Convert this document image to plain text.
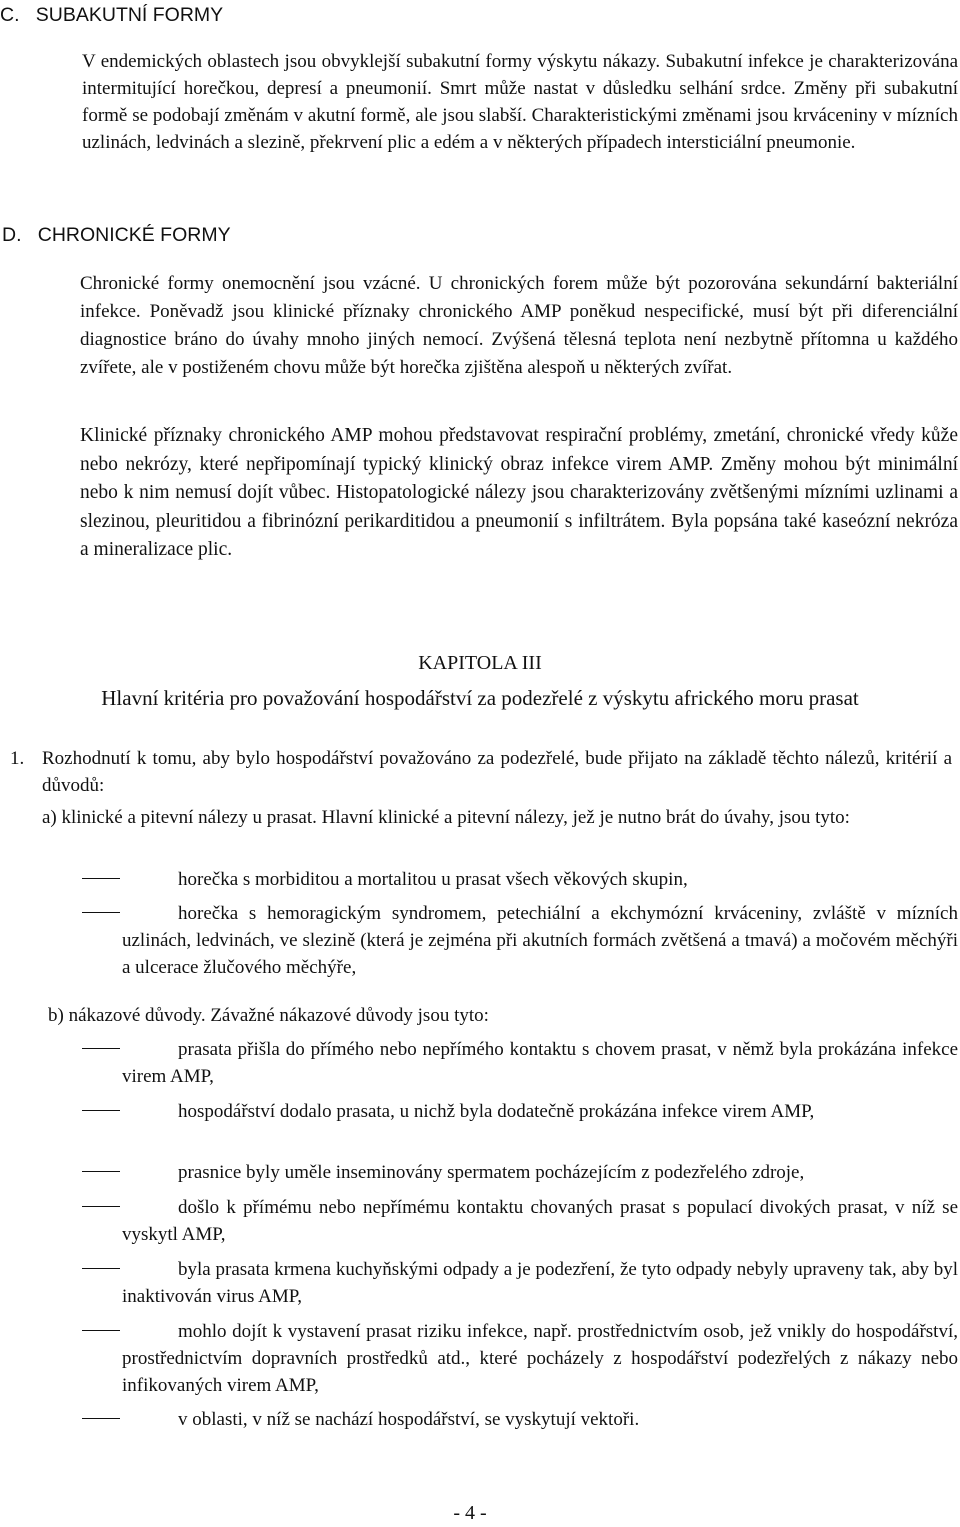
C.   SUBAKUTNÍ FORMY
V endemických oblastech jsou obvyklejší subakutní formy výskytu nákazy. Subakutní infekce je charakterizována intermitující horečkou, depresí a pneumonií. Smrt může nastat v důsledku selhání srdce. Změny při subakutní formě se podobají změnám v akutní formě, ale jsou slabší. Charakteristickými změnami jsou krváceniny v mízních uzlinách, ledvinách a slezině, překrvení plic a edém a v některých případech intersticiální pneumonie.
D.   CHRONICKÉ FORMY
Chronické formy onemocnění jsou vzácné. U chronických forem může být pozorována sekundární bakteriální infekce. Poněvadž jsou klinické příznaky chronického AMP poněkud nespecifické, musí být při diferenciální diagnostice bráno do úvahy mnoho jiných nemocí. Zvýšená tělesná teplota není nezbytně přítomna u každého zvířete, ale v postiženém chovu může být horečka zjištěna alespoň u některých zvířat.
Klinické příznaky chronického AMP mohou představovat respirační problémy, zmetání, chronické vředy kůže nebo nekrózy, které nepřipomínají typický klinický obraz infekce virem AMP. Změny mohou být minimální nebo k nim nemusí dojít vůbec. Histopatologické nálezy jsou charakterizovány zvětšenými mízními uzlinami a slezinou, pleuritidou a fibrinózní perikarditidou a pneumonií s infiltrátem. Byla popsána také kaseózní nekróza a mineralizace plic.
KAPITOLA III
Hlavní kritéria pro považování hospodářství za podezřelé z výskytu afrického moru prasat
1. Rozhodnutí k tomu, aby bylo hospodářství považováno za podezřelé, bude přijato na základě těchto nálezů, kritérií a důvodů:
a) klinické a pitevní nálezy u prasat. Hlavní klinické a pitevní nálezy, jež je nutno brát do úvahy, jsou tyto:
horečka s morbiditou a mortalitou u prasat všech věkových skupin,
horečka s hemoragickým syndromem, petechiální a ekchymózní krváceniny, zvláště v mízních uzlinách, ledvinách, ve slezině (která je zejména při akutních formách zvětšená a tmavá) a močovém měchýři a ulcerace žlučového měchýře,
b) nákazové důvody. Závažné nákazové důvody jsou tyto:
prasata přišla do přímého nebo nepřímého kontaktu s chovem prasat, v němž byla prokázána infekce virem AMP,
hospodářství dodalo prasata, u nichž byla dodatečně prokázána infekce virem AMP,
prasnice byly uměle inseminovány spermatem pocházejícím z podezřelého zdroje,
došlo k přímému nebo nepřímému kontaktu chovaných prasat s populací divokých prasat, v níž se vyskytl AMP,
byla prasata krmena kuchyňskými odpady a je podezření, že tyto odpady nebyly upraveny tak, aby byl inaktivován virus AMP,
mohlo dojít k vystavení prasat riziku infekce, např. prostřednictvím osob, jež vnikly do hospodářství, prostřednictvím dopravních prostředků atd., které pocházely z hospodářství podezřelých z nákazy nebo infikovaných virem AMP,
v oblasti, v níž se nachází hospodářství, se vyskytují vektoři.
- 4 -
